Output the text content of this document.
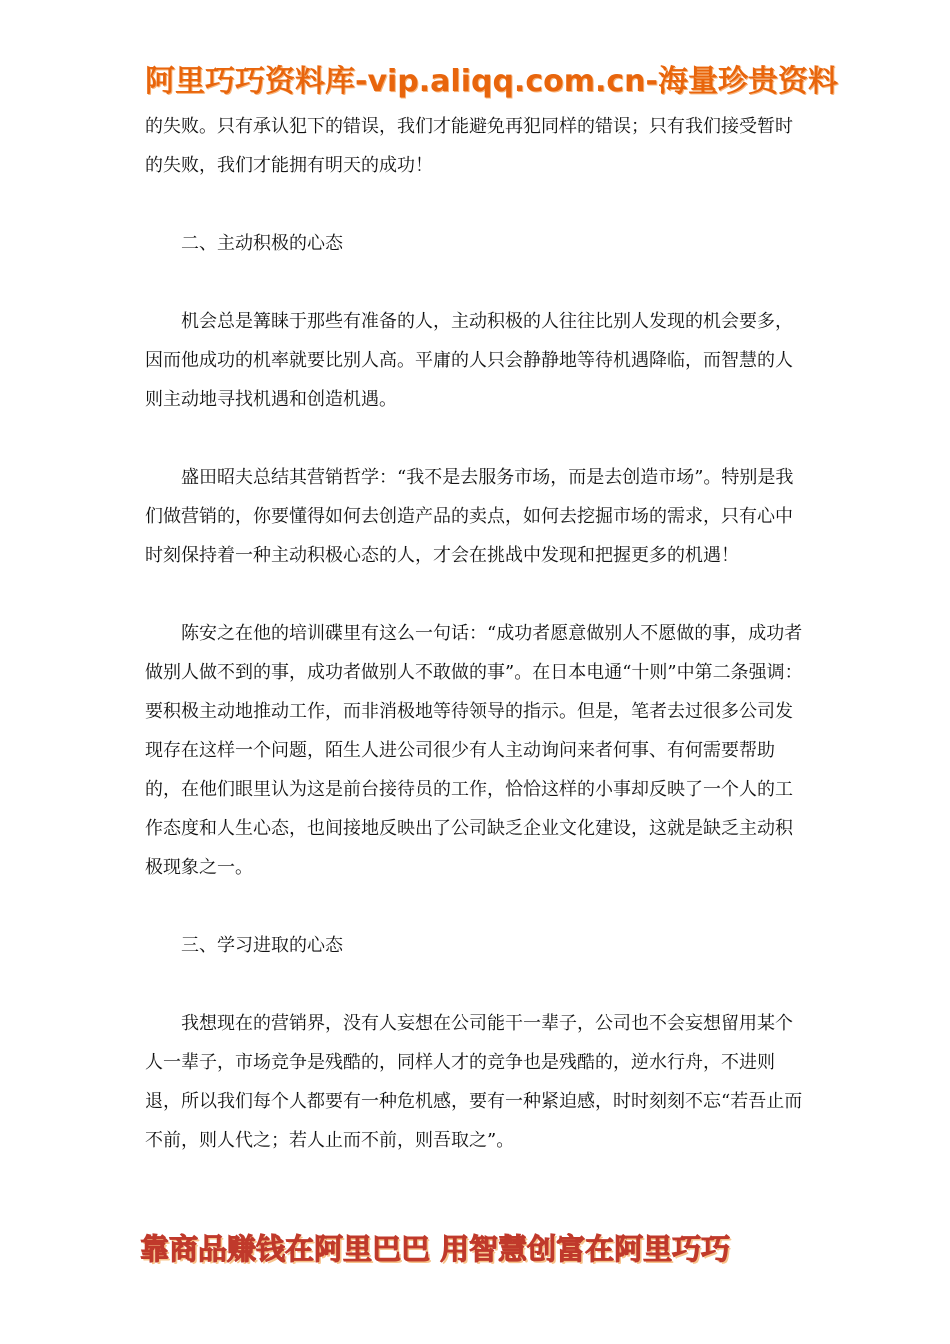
阿里巧巧资料库-vip.aliqq.com.cn-海量珍贵资料

的失败。只有承认犯下的错误，我们才能避免再犯同样的错误；只有我们接受暂时的失败，我们才能拥有明天的成功！

二、主动积极的心态

机会总是篝睐于那些有准备的人，主动积极的人往往比别人发现的机会要多，因而他成功的机率就要比别人高。平庸的人只会静静地等待机遇降临，而智慧的人则主动地寻找机遇和创造机遇。

盛田昭夫总结其营销哲学：“我不是去服务市场，而是去创造市场”。特别是我们做营销的，你要懂得如何去创造产品的卖点，如何去挖掘市场的需求，只有心中时刻保持着一种主动积极心态的人，才会在挑战中发现和把握更多的机遇！

陈安之在他的培训碟里有这么一句话：“成功者愿意做别人不愿做的事，成功者做别人做不到的事，成功者做别人不敢做的事”。在日本电通“十则”中第二条强调：要积极主动地推动工作，而非消极地等待领导的指示。但是，笔者去过很多公司发现存在这样一个问题，陌生人进公司很少有人主动询问来者何事、有何需要帮助的，在他们眼里认为这是前台接待员的工作，恰恰这样的小事却反映了一个人的工作态度和人生心态，也间接地反映出了公司缺乏企业文化建设，这就是缺乏主动积极现象之一。

三、学习进取的心态

我想现在的营销界，没有人妄想在公司能干一辈子，公司也不会妄想留用某个人一辈子，市场竞争是残酷的，同样人才的竞争也是残酷的，逆水行舟，不进则退，所以我们每个人都要有一种危机感，要有一种紧迫感，时时刻刻不忘“若吾止而不前，则人代之；若人止而不前，则吾取之”。

靠商品赚钱在阿里巴巴 用智慧创富在阿里巧巧
